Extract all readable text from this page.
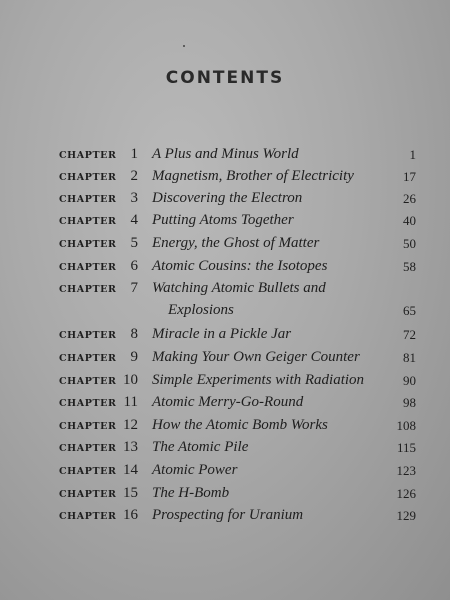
CONTENTS
CHAPTER 1 A Plus and Minus World	1
CHAPTER 2 Magnetism, Brother of Electricity	17
CHAPTER 3 Discovering the Electron	26
CHAPTER 4 Putting Atoms Together	40
CHAPTER 5 Energy, the Ghost of Matter	50
CHAPTER 6 Atomic Cousins: the Isotopes	58
CHAPTER 7 Watching Atomic Bullets and
Explosions	65
CHAPTER 8 Miracle in a Pickle Jar	72
CHAPTER 9 Making Your Own Geiger Counter	81
CHAPTER 10 Simple Experiments with Radiation	90
CHAPTER 11 Atomic Merry-Go-Round	98
CHAPTER 12 How the Atomic Bomb Works	108
CHAPTER 13 The Atomic Pile	115
CHAPTER 14 Atomic Power	123
CHAPTER 15 The H-Bomb	126
CHAPTER 16 Prospecting for Uranium	129
